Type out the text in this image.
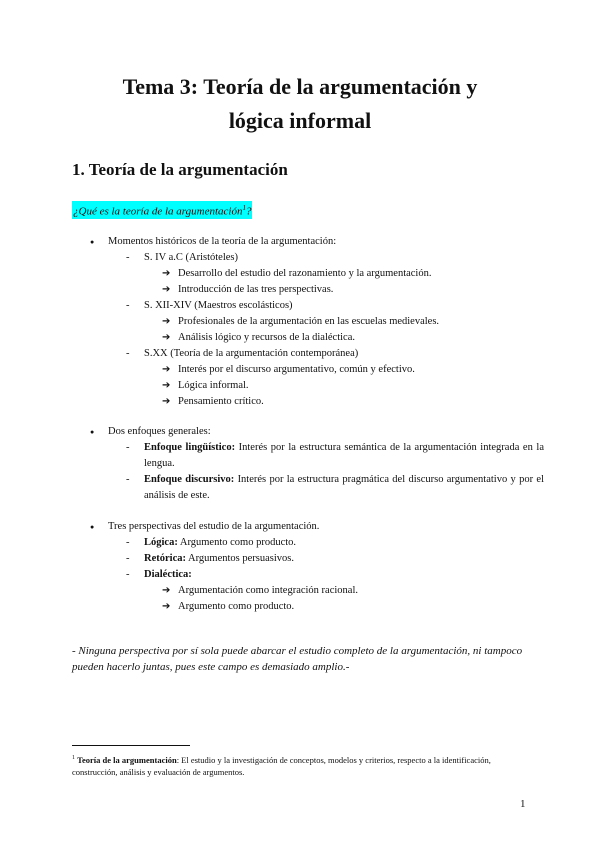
Tema 3: Teoría de la argumentación y
lógica informal
1. Teoría de la argumentación
¿Qué es la teoría de la argumentación$^1$?
● Momentos históricos de la teoría de la argumentación:
- S. IV a.C (Aristóteles)
➔ Desarrollo del estudio del razonamiento y la argumentación.
➔ Introducción de las tres perspectivas.
- S. XII-XIV (Maestros escolásticos)
➔ Profesionales de la argumentación en las escuelas medievales.
➔ Análisis lógico y recursos de la dialéctica.
- S.XX (Teoría de la argumentación contemporánea)
➔ Interés por el discurso argumentativo, común y efectivo.
➔ Lógica informal.
➔ Pensamiento crítico.
● Dos enfoques generales:
- Enfoque lingüístico: Interés por la estructura semántica de la argumentación integrada en la lengua.
- Enfoque discursivo: Interés por la estructura pragmática del discurso argumentativo y por el análisis de este.
● Tres perspectivas del estudio de la argumentación.
- Lógica: Argumento como producto.
- Retórica: Argumentos persuasivos.
- Dialéctica:
➔ Argumentación como integración racional.
➔ Argumento como producto.

- Ninguna perspectiva por sí sola puede abarcar el estudio completo de la argumentación, ni tampoco pueden hacerlo juntas, pues este campo es demasiado amplio.-

$^1$ Teoría de la argumentación: El estudio y la investigación de conceptos, modelos y criterios, respecto a la identificación, construcción, análisis y evaluación de argumentos.
1
